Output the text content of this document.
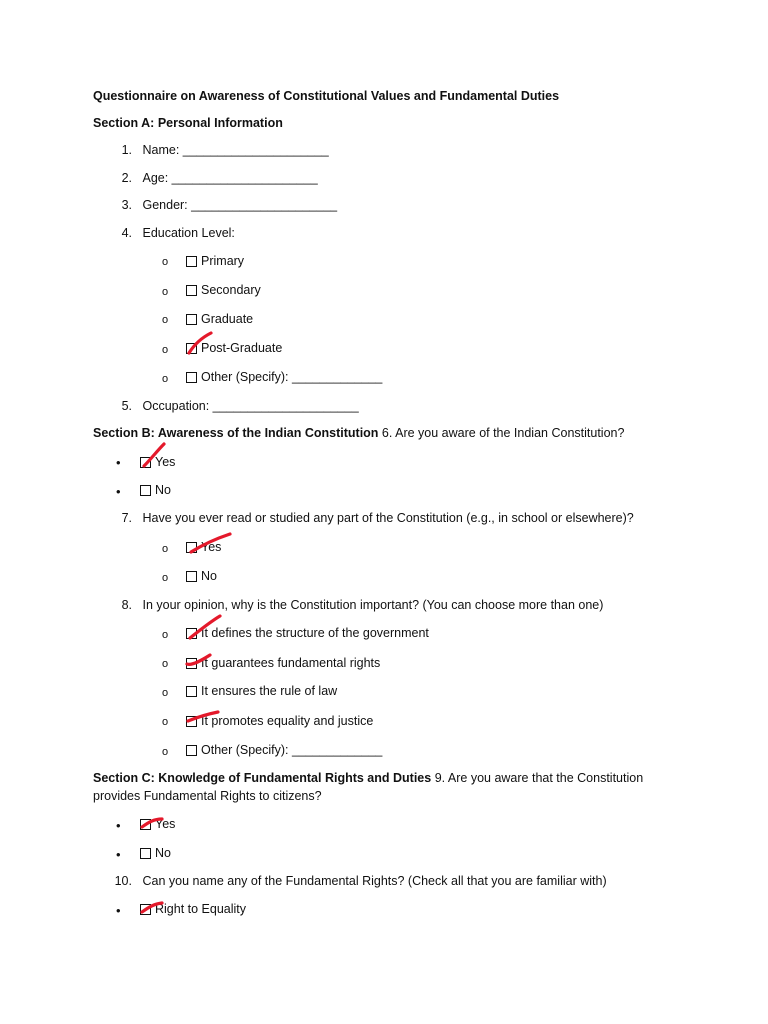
Questionnaire on Awareness of Constitutional Values and Fundamental Duties
Section A: Personal Information
1. Name: _____________________
2. Age: _____________________
3. Gender: _____________________
4. Education Level:
o	Primary
o	Secondary
o	Graduate
o	Post-Graduate
o	Other (Specify): _____________
5. Occupation: _____________________
Section B: Awareness of the Indian Constitution 6. Are you aware of the Indian Constitution?
•	Yes
•	No
7. Have you ever read or studied any part of the Constitution (e.g., in school or elsewhere)?
o	Yes
o	No
8. In your opinion, why is the Constitution important? (You can choose more than one)
o	It defines the structure of the government
o	It guarantees fundamental rights
o	It ensures the rule of law
o	It promotes equality and justice
o	Other (Specify): _____________
Section C: Knowledge of Fundamental Rights and Duties 9. Are you aware that the Constitution
provides Fundamental Rights to citizens?
•	Yes
•	No
10. Can you name any of the Fundamental Rights? (Check all that you are familiar with)
•	Right to Equality
